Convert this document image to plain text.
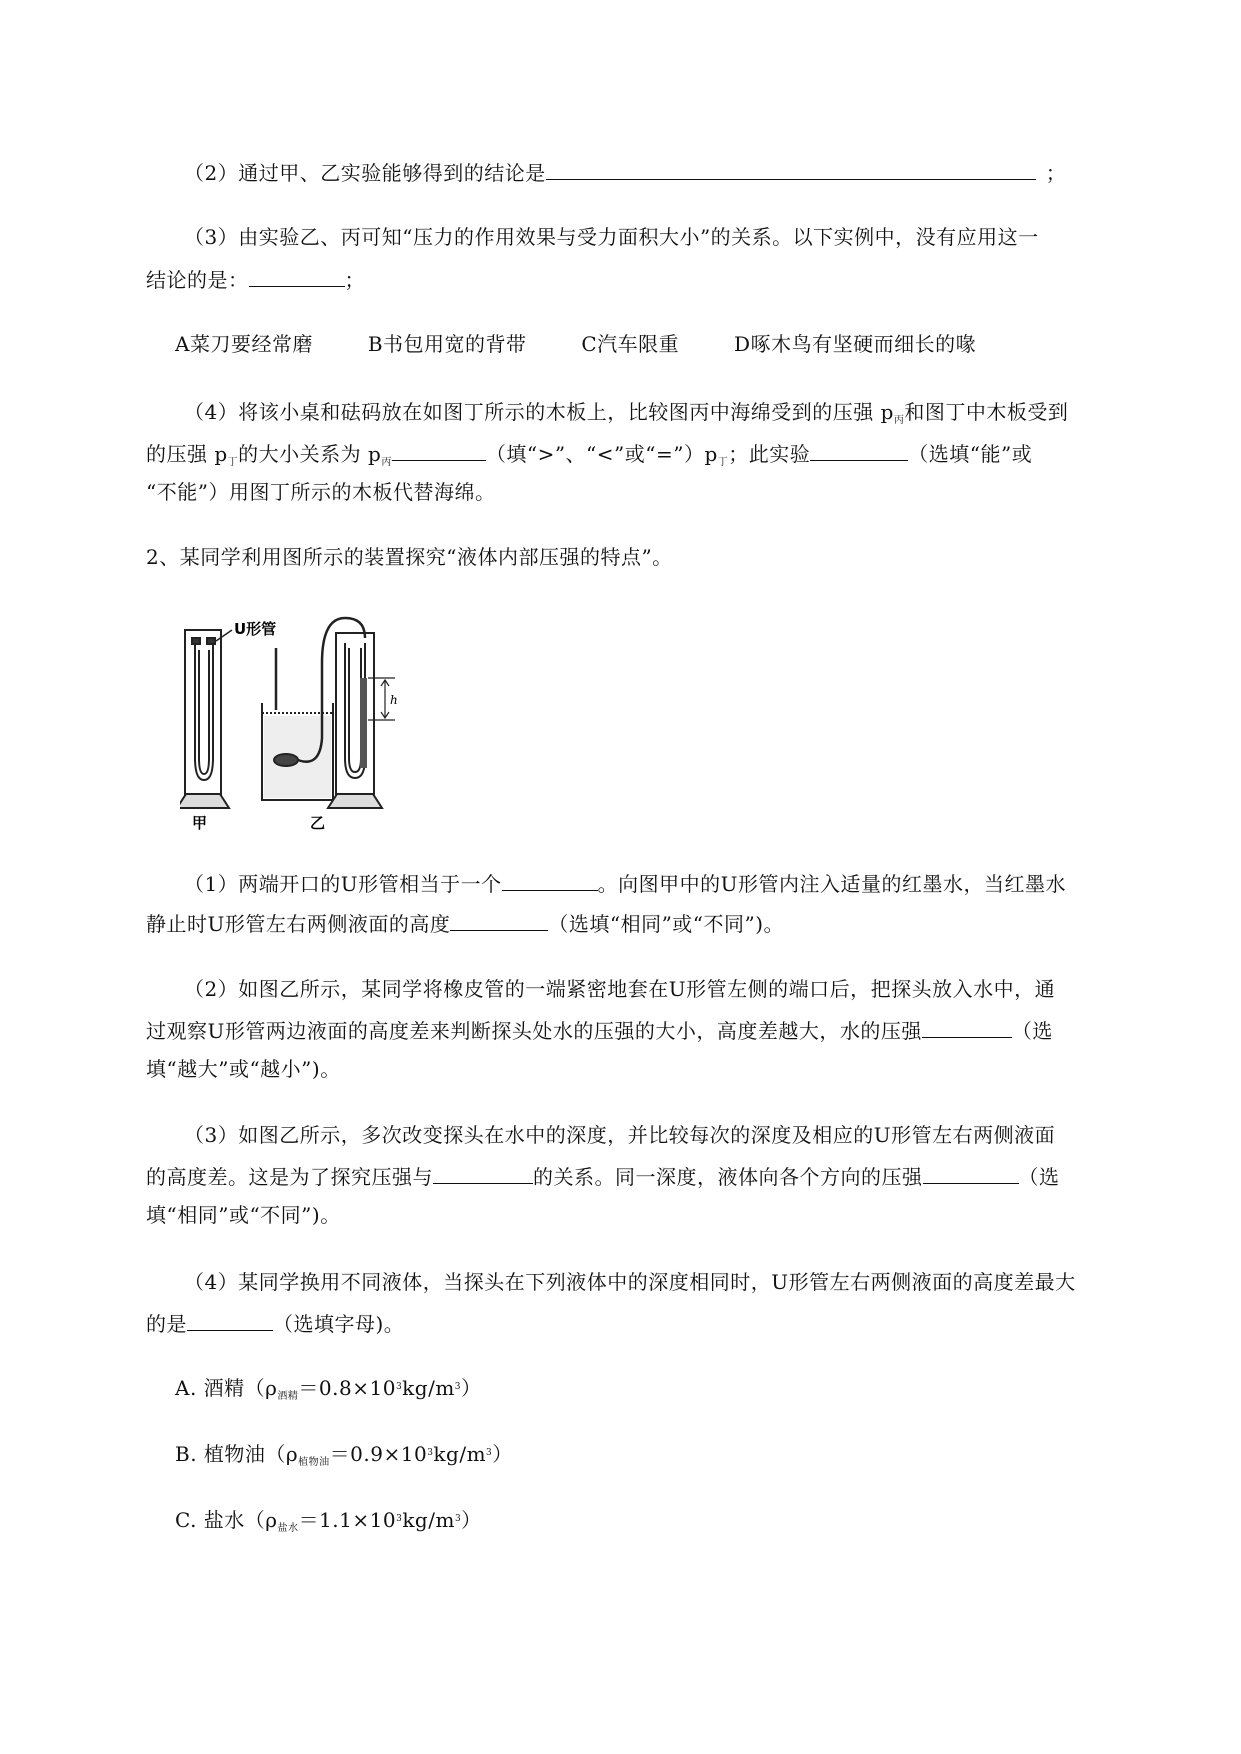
（2）通过甲、乙实验能够得到的结论是	；
（3）由实验乙、丙可知“压力的作用效果与受力面积大小”的关系。以下实例中，没有应用这一
结论的是：	；
A菜刀要经常磨	B书包用宽的背带	C汽车限重	D啄木鸟有坚硬而细长的喙
（4）将该小桌和砝码放在如图丁所示的木板上，比较图丙中海绵受到的压强 $p_丙$和图丁中木板受到
的压强 $p_丁$的大小关系为 $p_丙$	（填“>”、“<”或“$=”)p_丁$；此实验	（选填“能”或
“不能”）用图丁所示的木板代替海绵。
2、某同学利用图所示的装置探究“液体内部压强的特点”。
U形管
h
甲	乙
（1）两端开口的U形管相当于一个	。向图甲中的U形管内注入适量的红墨水，当红墨水
静止时U形管左右两侧液面的高度	（选填“相同”或“不同”)。
（2）如图乙所示，某同学将橡皮管的一端紧密地套在U形管左侧的端口后，把探头放入水中，通
过观察U形管两边液面的高度差来判断探头处水的压强的大小，高度差越大，水的压强	（选
填“越大”或“越小”)。
（3）如图乙所示，多次改变探头在水中的深度，并比较每次的深度及相应的U形管左右两侧液面
的高度差。这是为了探究压强与	的关系。同一深度，液体向各个方向的压强	（选
填“相同”或“不同”)。
（4）某同学换用不同液体，当探头在下列液体中的深度相同时，U形管左右两侧液面的高度差最大
的是	（选填字母)。
A. 酒精$(\rho_{酒精}=0.8\times 10^3kg/m^3)$
B. 植物油$(\rho_{植物油}=0.9\times 10^3kg/m^3)$
C. 盐水$(\rho_{盐水}=1.1\times 10^3kg/m^3)$
